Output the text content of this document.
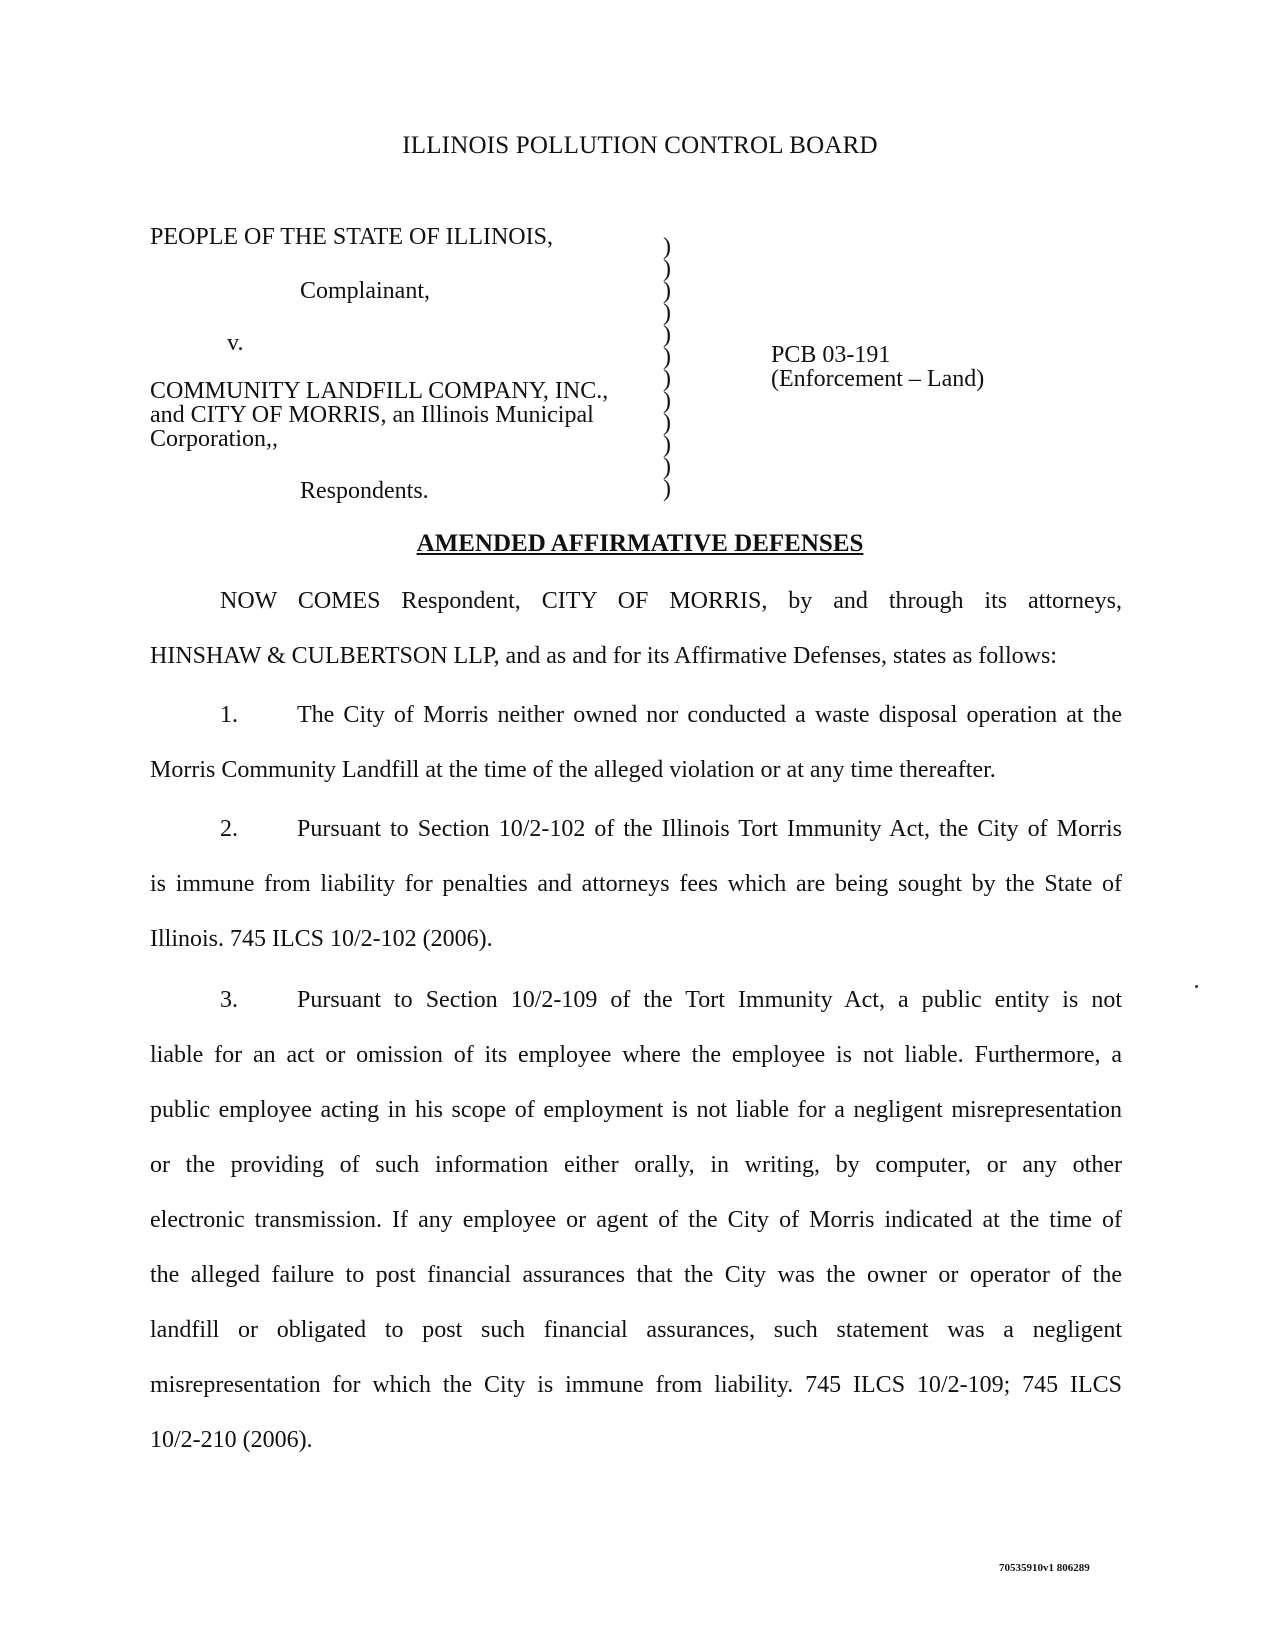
ILLINOIS POLLUTION CONTROL BOARD
PEOPLE OF THE STATE OF ILLINOIS,
Complainant,
v.
COMMUNITY LANDFILL COMPANY, INC.,
and CITY OF MORRIS, an Illinois Municipal
Corporation,,
Respondents.
)
)
)
)
)
)
)
)
)
)
)
)
PCB 03-191
(Enforcement – Land)
AMENDED AFFIRMATIVE DEFENSES
NOW COMES Respondent, CITY OF MORRIS, by and through its attorneys,
HINSHAW & CULBERTSON LLP, and as and for its Affirmative Defenses, states as follows:
1. The City of Morris neither owned nor conducted a waste disposal operation at the
Morris Community Landfill at the time of the alleged violation or at any time thereafter.
2. Pursuant to Section 10/2-102 of the Illinois Tort Immunity Act, the City of Morris
is immune from liability for penalties and attorneys fees which are being sought by the State of
Illinois. 745 ILCS 10/2-102 (2006).
3. Pursuant to Section 10/2-109 of the Tort Immunity Act, a public entity is not
liable for an act or omission of its employee where the employee is not liable. Furthermore, a
public employee acting in his scope of employment is not liable for a negligent misrepresentation
or the providing of such information either orally, in writing, by computer, or any other
electronic transmission. If any employee or agent of the City of Morris indicated at the time of
the alleged failure to post financial assurances that the City was the owner or operator of the
landfill or obligated to post such financial assurances, such statement was a negligent
misrepresentation for which the City is immune from liability. 745 ILCS 10/2-109; 745 ILCS
10/2-210 (2006).
70535910v1 806289
